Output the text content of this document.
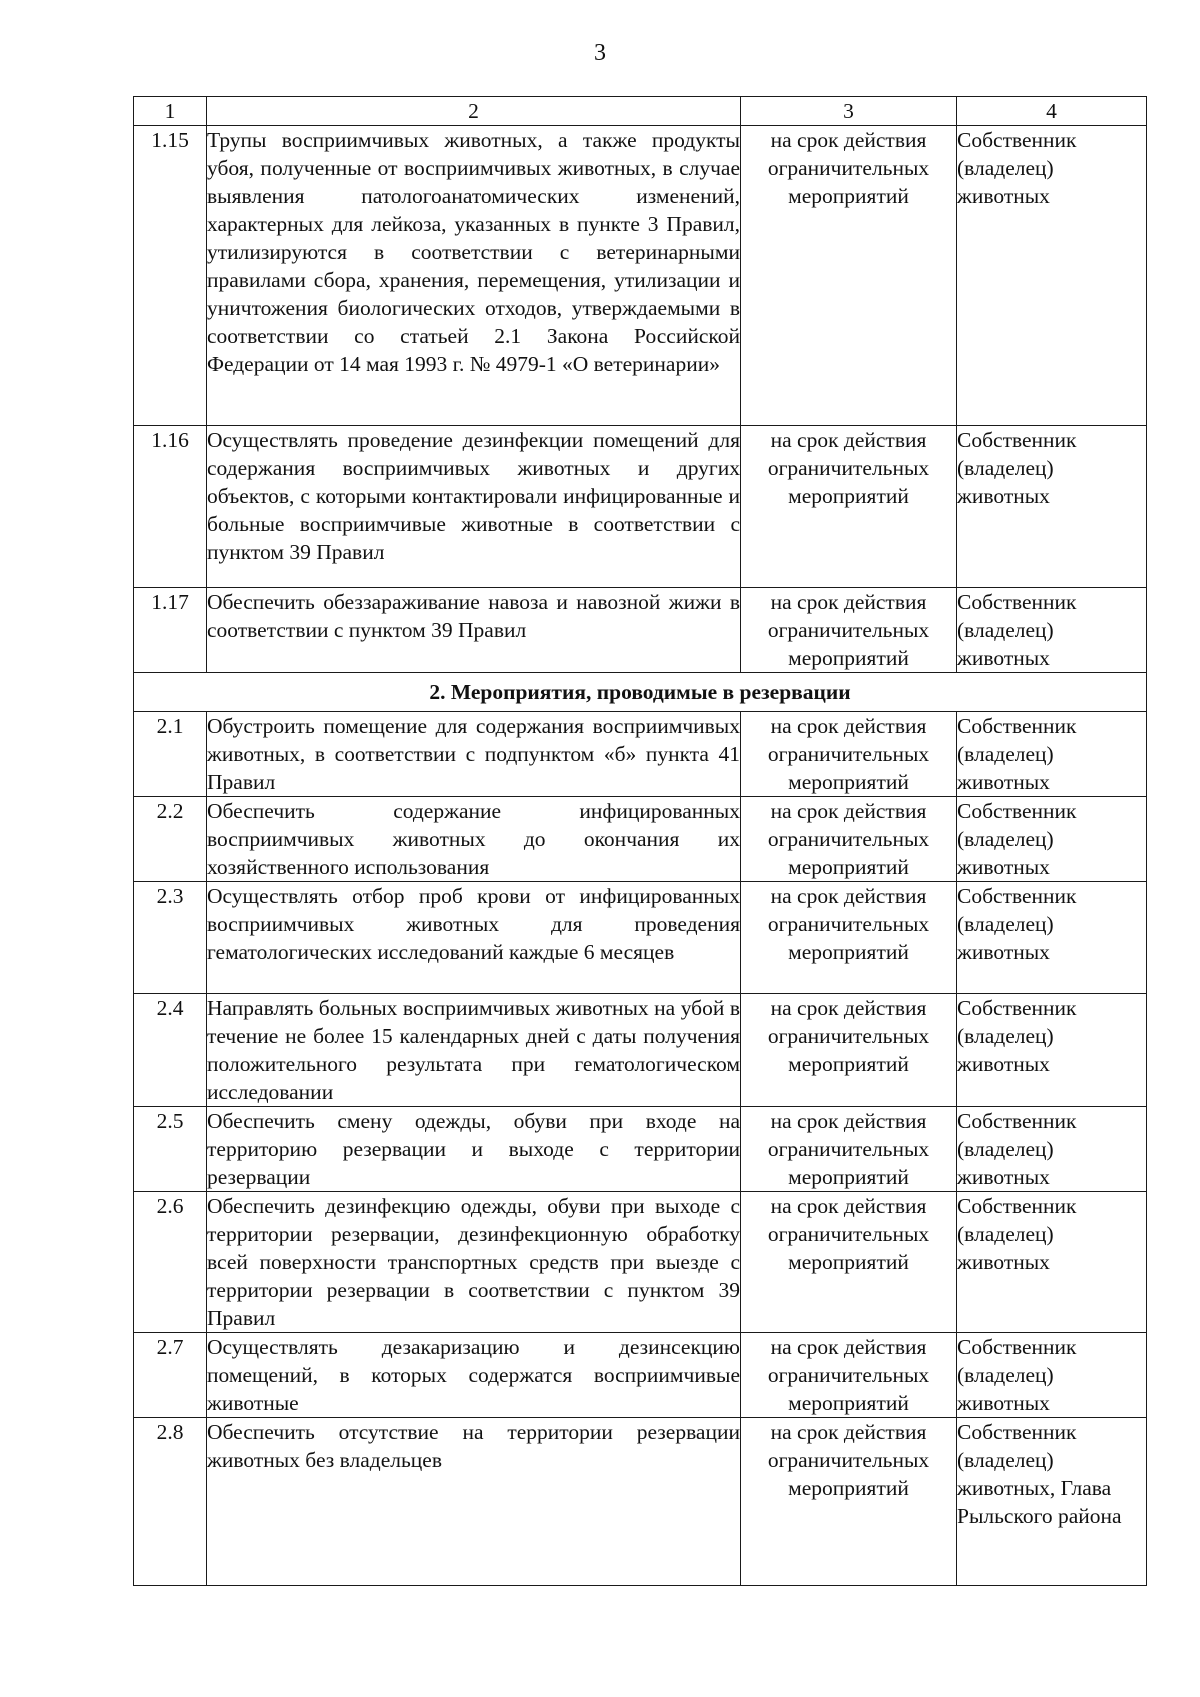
3
1	2	3	4
1.15	Трупы восприимчивых животных, а также продукты убоя, полученные от восприимчивых животных, в случае выявления патологоанатомических изменений, характерных для лейкоза, указанных в пункте 3 Правил, утилизируются в соответствии с ветеринарными правилами сбора, хранения, перемещения, утилизации и уничтожения биологических отходов, утверждаемыми в соответствии со статьей 2.1 Закона Российской Федерации от 14 мая 1993 г. № 4979-1 «О ветеринарии»	на срок действия ограничительных мероприятий	Собственник (владелец) животных
1.16	Осуществлять проведение дезинфекции помещений для содержания восприимчивых животных и других объектов, с которыми контактировали инфицированные и больные восприимчивые животные в соответствии с пунктом 39 Правил	на срок действия ограничительных мероприятий	Собственник (владелец) животных
1.17	Обеспечить обеззараживание навоза и навозной жижи в соответствии с пунктом 39 Правил	на срок действия ограничительных мероприятий	Собственник (владелец) животных
2. Мероприятия, проводимые в резервации			
2.1	Обустроить помещение для содержания восприимчивых животных, в соответствии с подпунктом «б» пункта 41 Правил	на срок действия ограничительных мероприятий	Собственник (владелец) животных
2.2	Обеспечить содержание инфицированных восприимчивых животных до окончания их хозяйственного использования	на срок действия ограничительных мероприятий	Собственник (владелец) животных
2.3	Осуществлять отбор проб крови от инфицированных восприимчивых животных для проведения гематологических исследований каждые 6 месяцев	на срок действия ограничительных мероприятий	Собственник (владелец) животных
2.4	Направлять больных восприимчивых животных на убой в течение не более 15 календарных дней с даты получения положительного результата при гематологическом исследовании	на срок действия ограничительных мероприятий	Собственник (владелец) животных
2.5	Обеспечить смену одежды, обуви при входе на территорию резервации и выходе с территории резервации	на срок действия ограничительных мероприятий	Собственник (владелец) животных
2.6	Обеспечить дезинфекцию одежды, обуви при выходе с территории резервации, дезинфекционную обработку всей поверхности транспортных средств при выезде с территории резервации в соответствии с пунктом 39 Правил	на срок действия ограничительных мероприятий	Собственник (владелец) животных
2.7	Осуществлять дезакаризацию и дезинсекцию помещений, в которых содержатся восприимчивые животные	на срок действия ограничительных мероприятий	Собственник (владелец) животных
2.8	Обеспечить отсутствие на территории резервации животных без владельцев	на срок действия ограничительных мероприятий	Собственник (владелец) животных, Глава Рыльского района
